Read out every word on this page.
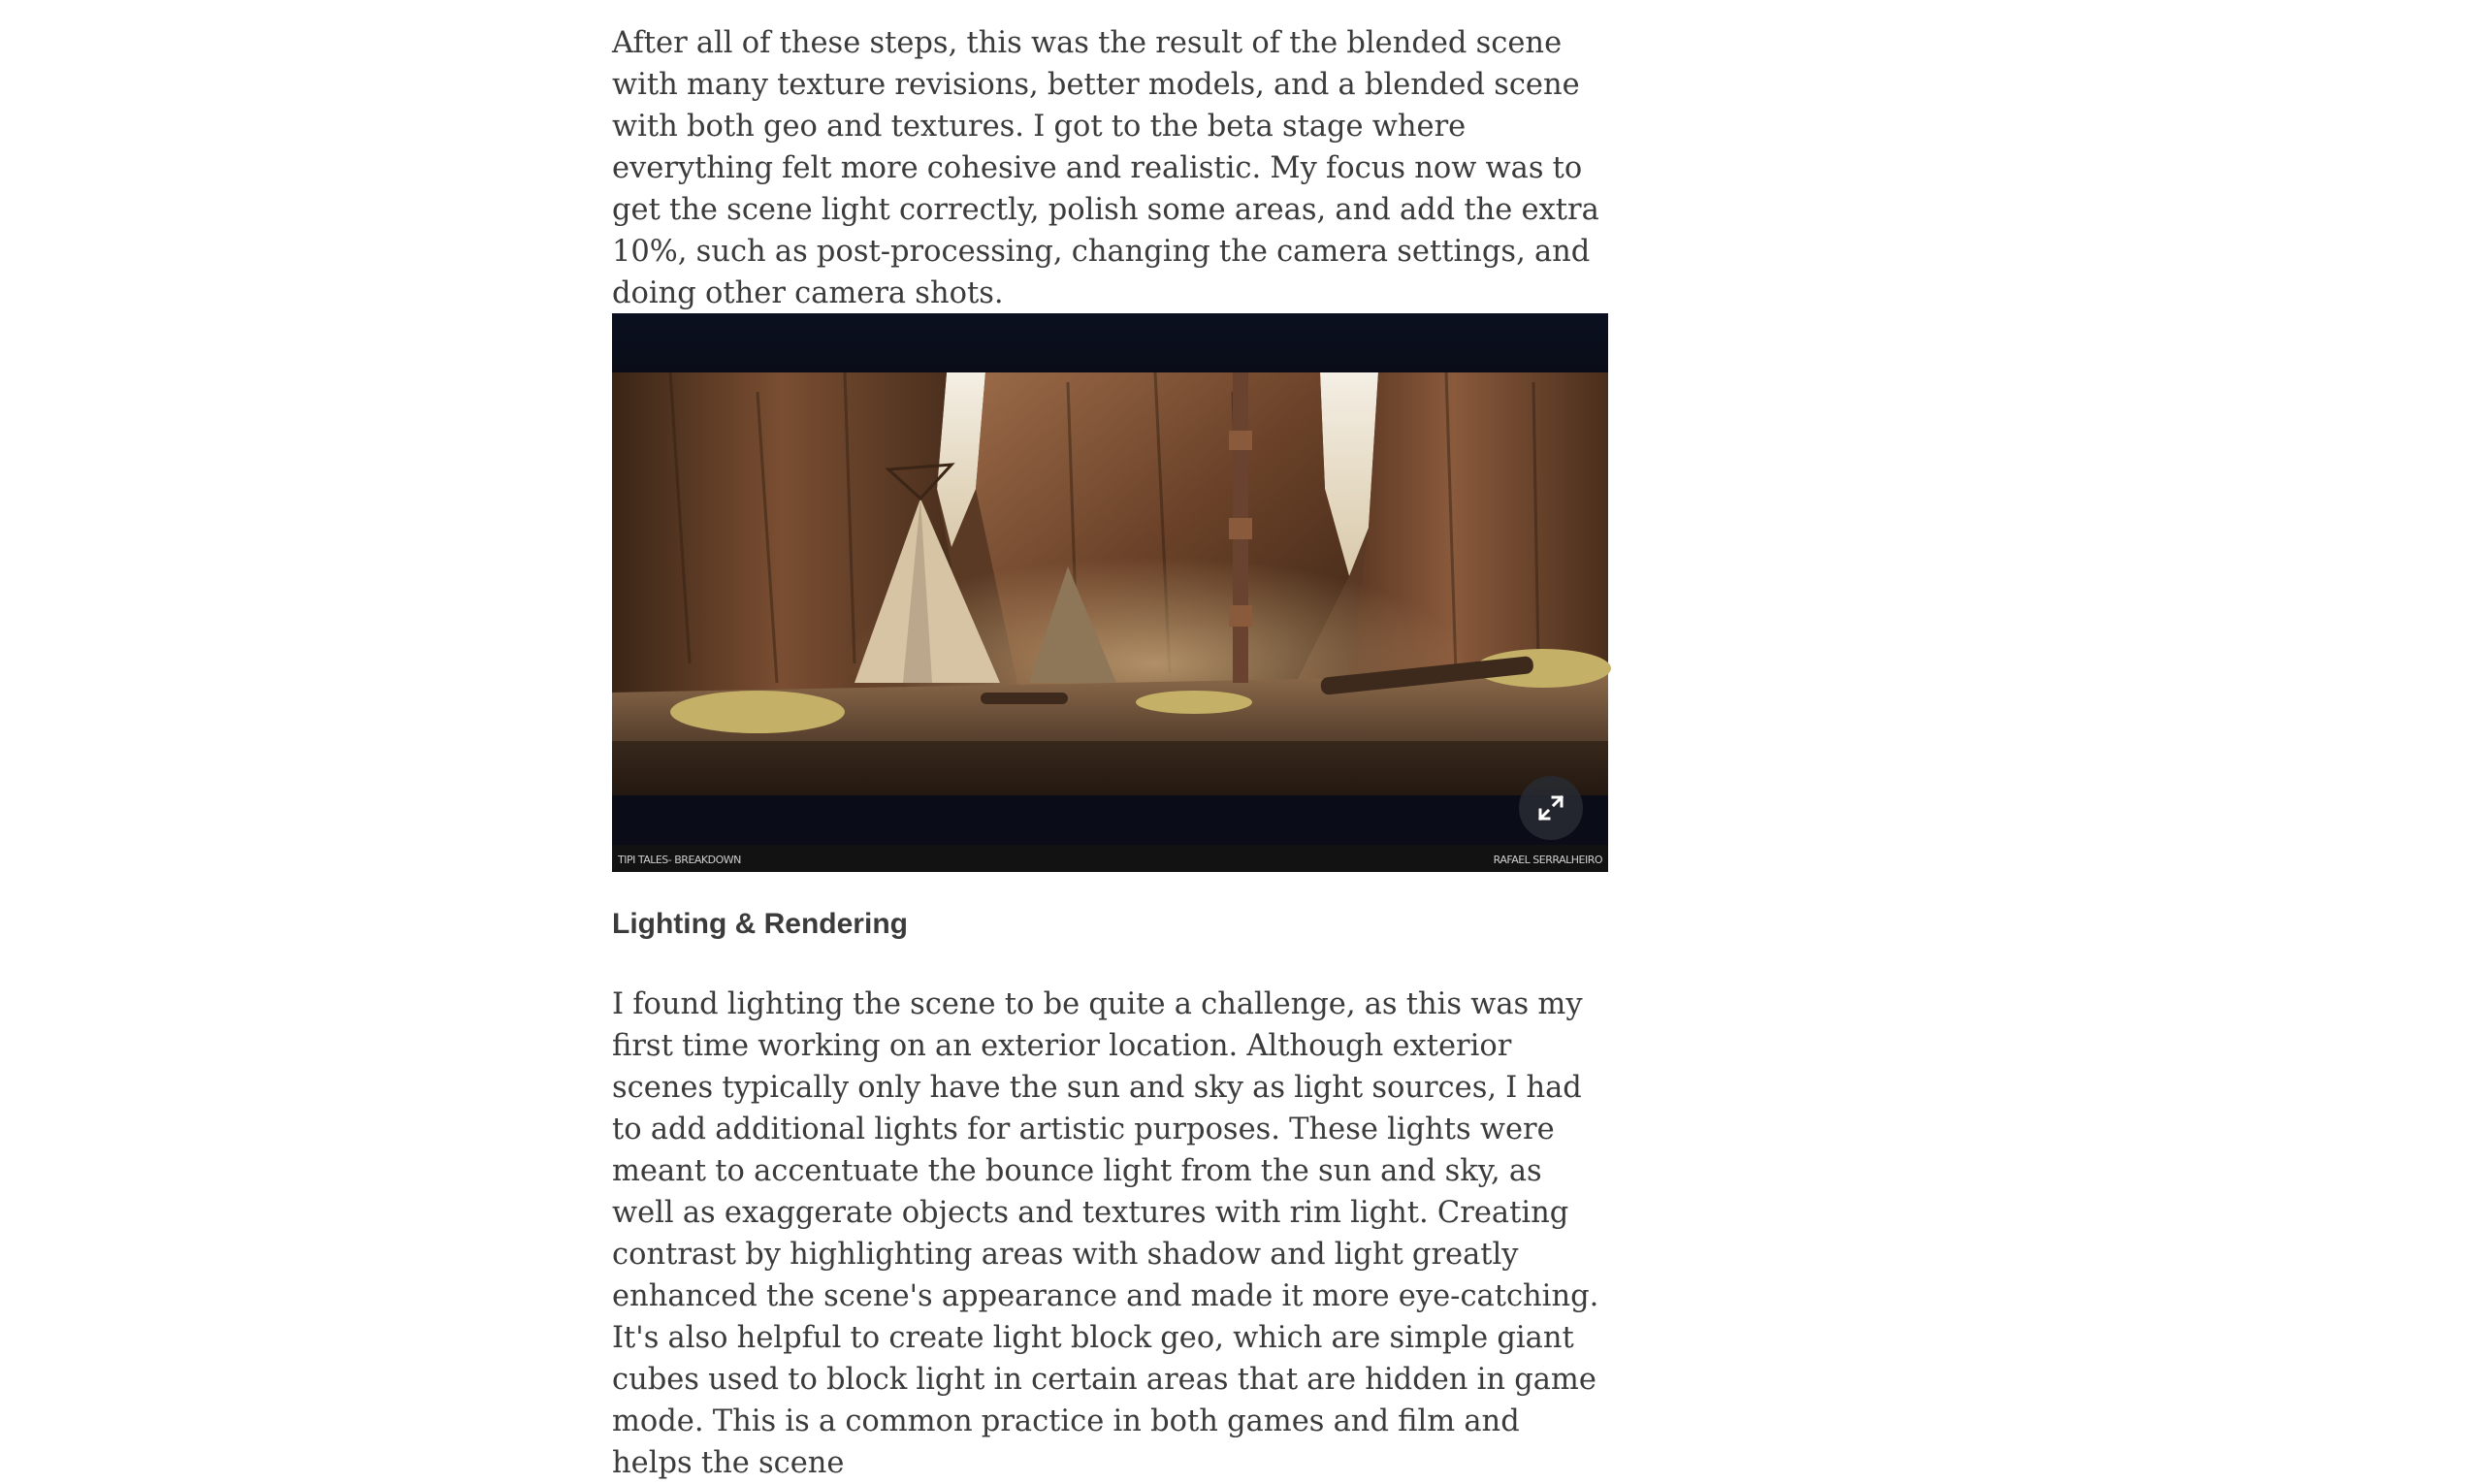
After all of these steps, this was the result of the blended scene with many texture revisions, better models, and a blended scene with both geo and textures. I got to the beta stage where everything felt more cohesive and realistic. My focus now was to get the scene light correctly, polish some areas, and add the extra 10%, such as post-processing, changing the camera settings, and doing other camera shots.

TIPI TALES- BREAKDOWN	RAFAEL SERRALHEIRO
Lighting & Rendering

I found lighting the scene to be quite a challenge, as this was my first time working on an exterior location. Although exterior scenes typically only have the sun and sky as light sources, I had to add additional lights for artistic purposes. These lights were meant to accentuate the bounce light from the sun and sky, as well as exaggerate objects and textures with rim light. Creating contrast by highlighting areas with shadow and light greatly enhanced the scene's appearance and made it more eye-catching. It's also helpful to create light block geo, which are simple giant cubes used to block light in certain areas that are hidden in game mode. This is a common practice in both games and film and helps the scene
